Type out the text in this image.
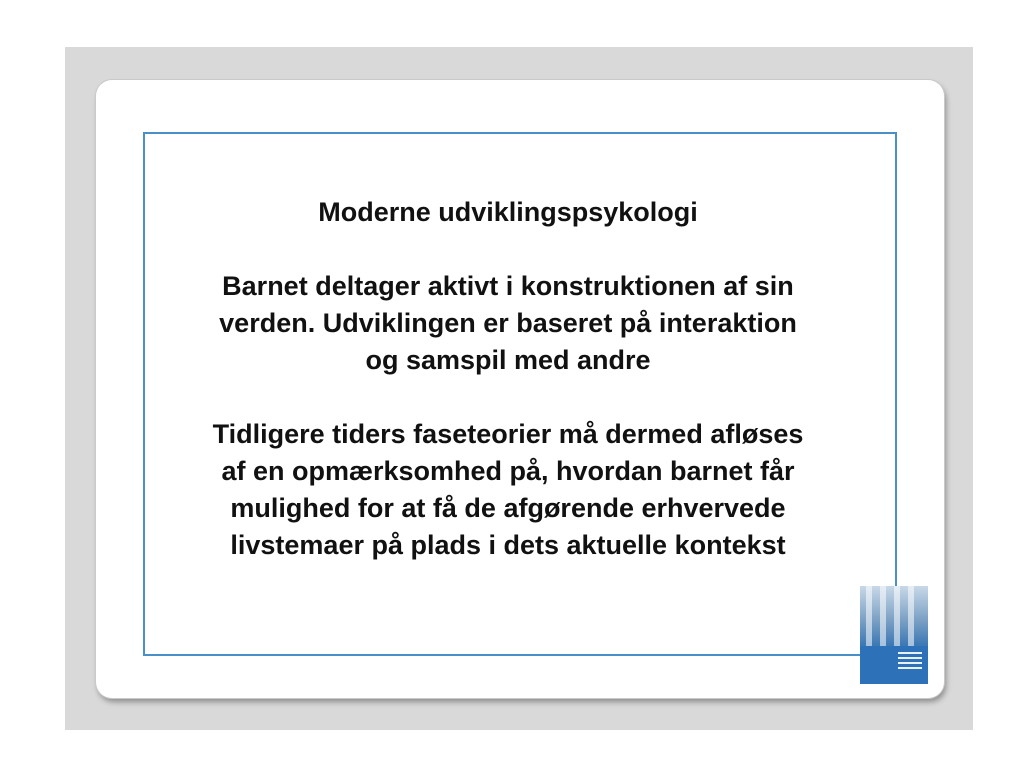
Moderne udviklingspsykologi

Barnet deltager aktivt i konstruktionen af sin

verden. Udviklingen er baseret på interaktion

og samspil med andre

Tidligere tiders faseteorier må dermed afløses

af en opmærksomhed på, hvordan barnet får

mulighed for at få de afgørende erhvervede

livstemaer på plads i dets aktuelle kontekst
